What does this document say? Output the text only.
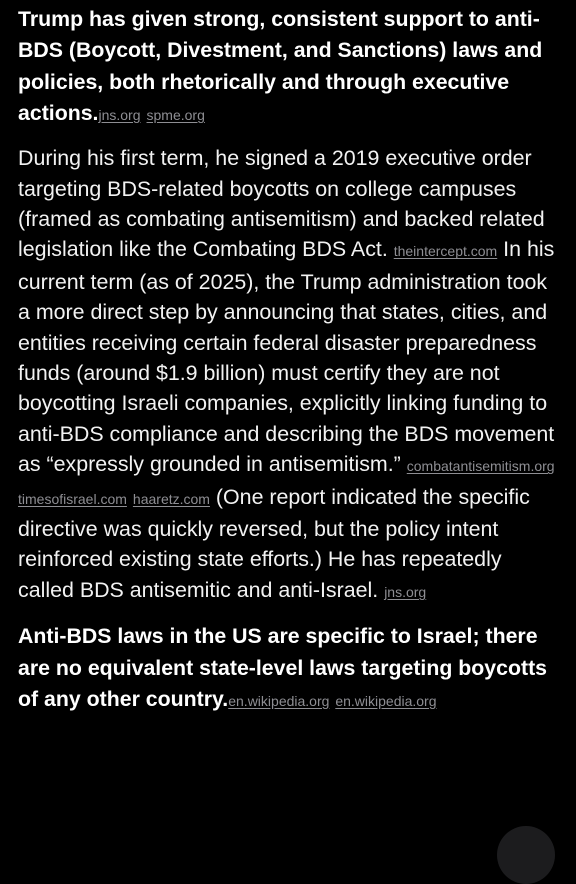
Trump has given strong, consistent support to anti-BDS (Boycott, Divestment, and Sanctions) laws and policies, both rhetorically and through executive actions.jns.org spme.org

During his first term, he signed a 2019 executive order targeting BDS-related boycotts on college campuses (framed as combating antisemitism) and backed related legislation like the Combating BDS Act. theintercept.com In his current term (as of 2025), the Trump administration took a more direct step by announcing that states, cities, and entities receiving certain federal disaster preparedness funds (around $1.9 billion) must certify they are not boycotting Israeli companies, explicitly linking funding to anti-BDS compliance and describing the BDS movement as “expressly grounded in antisemitism.” combatantisemitism.org timesofisrael.com haaretz.com (One report indicated the specific directive was quickly reversed, but the policy intent reinforced existing state efforts.) He has repeatedly called BDS antisemitic and anti-Israel. jns.org

Anti-BDS laws in the US are specific to Israel; there are no equivalent state-level laws targeting boycotts of any other country.en.wikipedia.org en.wikipedia.org
